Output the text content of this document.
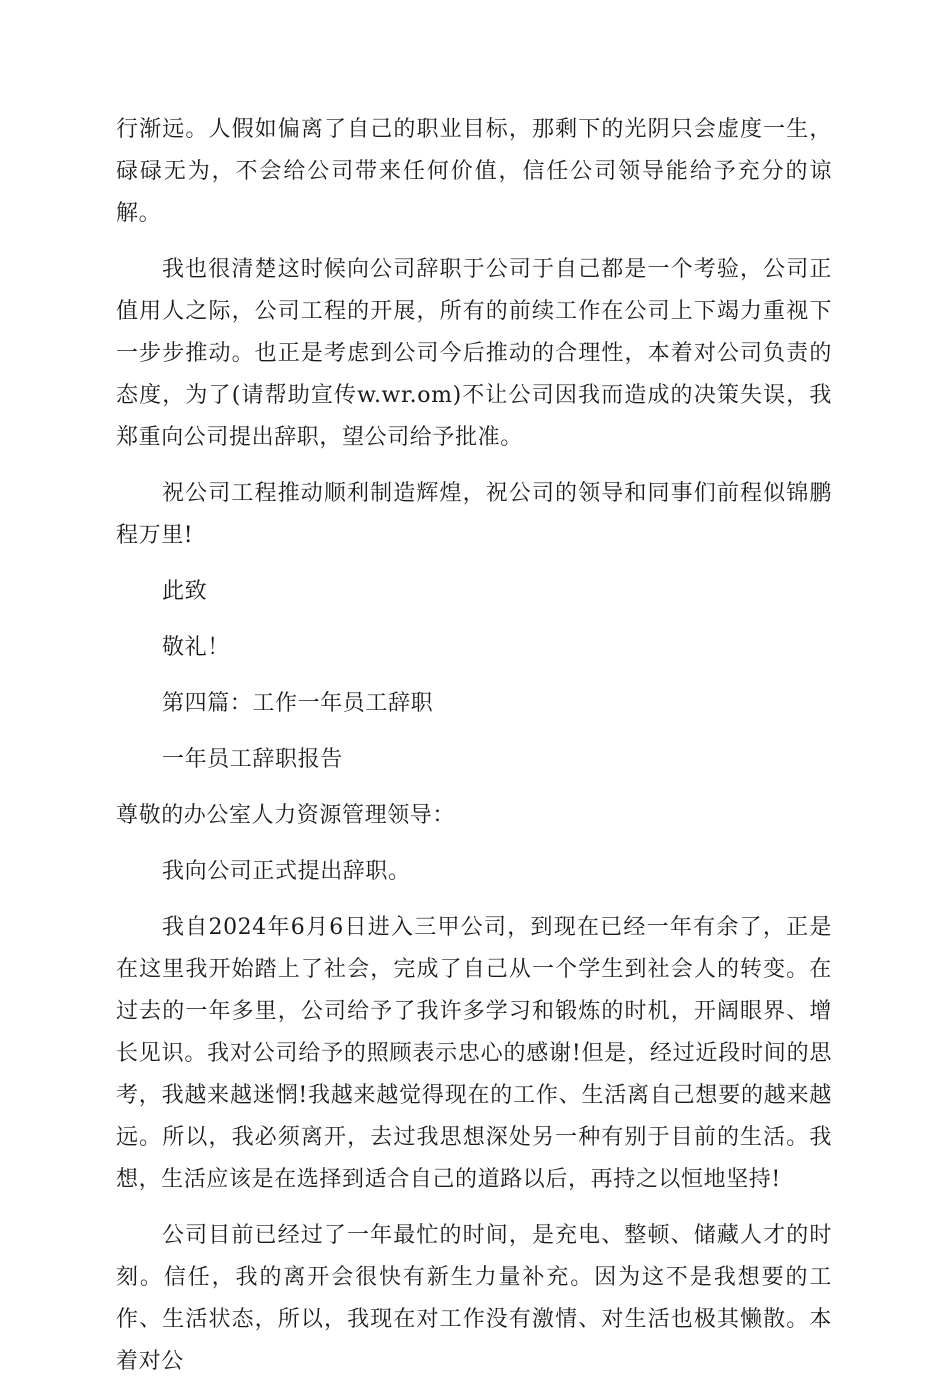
行渐远。人假如偏离了自己的职业目标，那剩下的光阴只会虚度一生，碌碌无为，不会给公司带来任何价值，信任公司领导能给予充分的谅解。

我也很清楚这时候向公司辞职于公司于自己都是一个考验，公司正值用人之际，公司工程的开展，所有的前续工作在公司上下竭力重视下一步步推动。也正是考虑到公司今后推动的合理性，本着对公司负责的态度，为了(请帮助宣传w.wr.om)不让公司因我而造成的决策失误，我郑重向公司提出辞职，望公司给予批准。

祝公司工程推动顺利制造辉煌，祝公司的领导和同事们前程似锦鹏程万里!

此致

敬礼！

第四篇：工作一年员工辞职

一年员工辞职报告

尊敬的办公室人力资源管理领导：

我向公司正式提出辞职。

我自2024年6月6日进入三甲公司，到现在已经一年有余了，正是在这里我开始踏上了社会，完成了自己从一个学生到社会人的转变。在过去的一年多里，公司给予了我许多学习和锻炼的时机，开阔眼界、增长见识。我对公司给予的照顾表示忠心的感谢!但是，经过近段时间的思考，我越来越迷惘!我越来越觉得现在的工作、生活离自己想要的越来越远。所以，我必须离开，去过我思想深处另一种有别于目前的生活。我想，生活应该是在选择到适合自己的道路以后，再持之以恒地坚持!

公司目前已经过了一年最忙的时间，是充电、整顿、储藏人才的时刻。信任，我的离开会很快有新生力量补充。因为这不是我想要的工作、生活状态，所以，我现在对工作没有激情、对生活也极其懒散。本着对公
